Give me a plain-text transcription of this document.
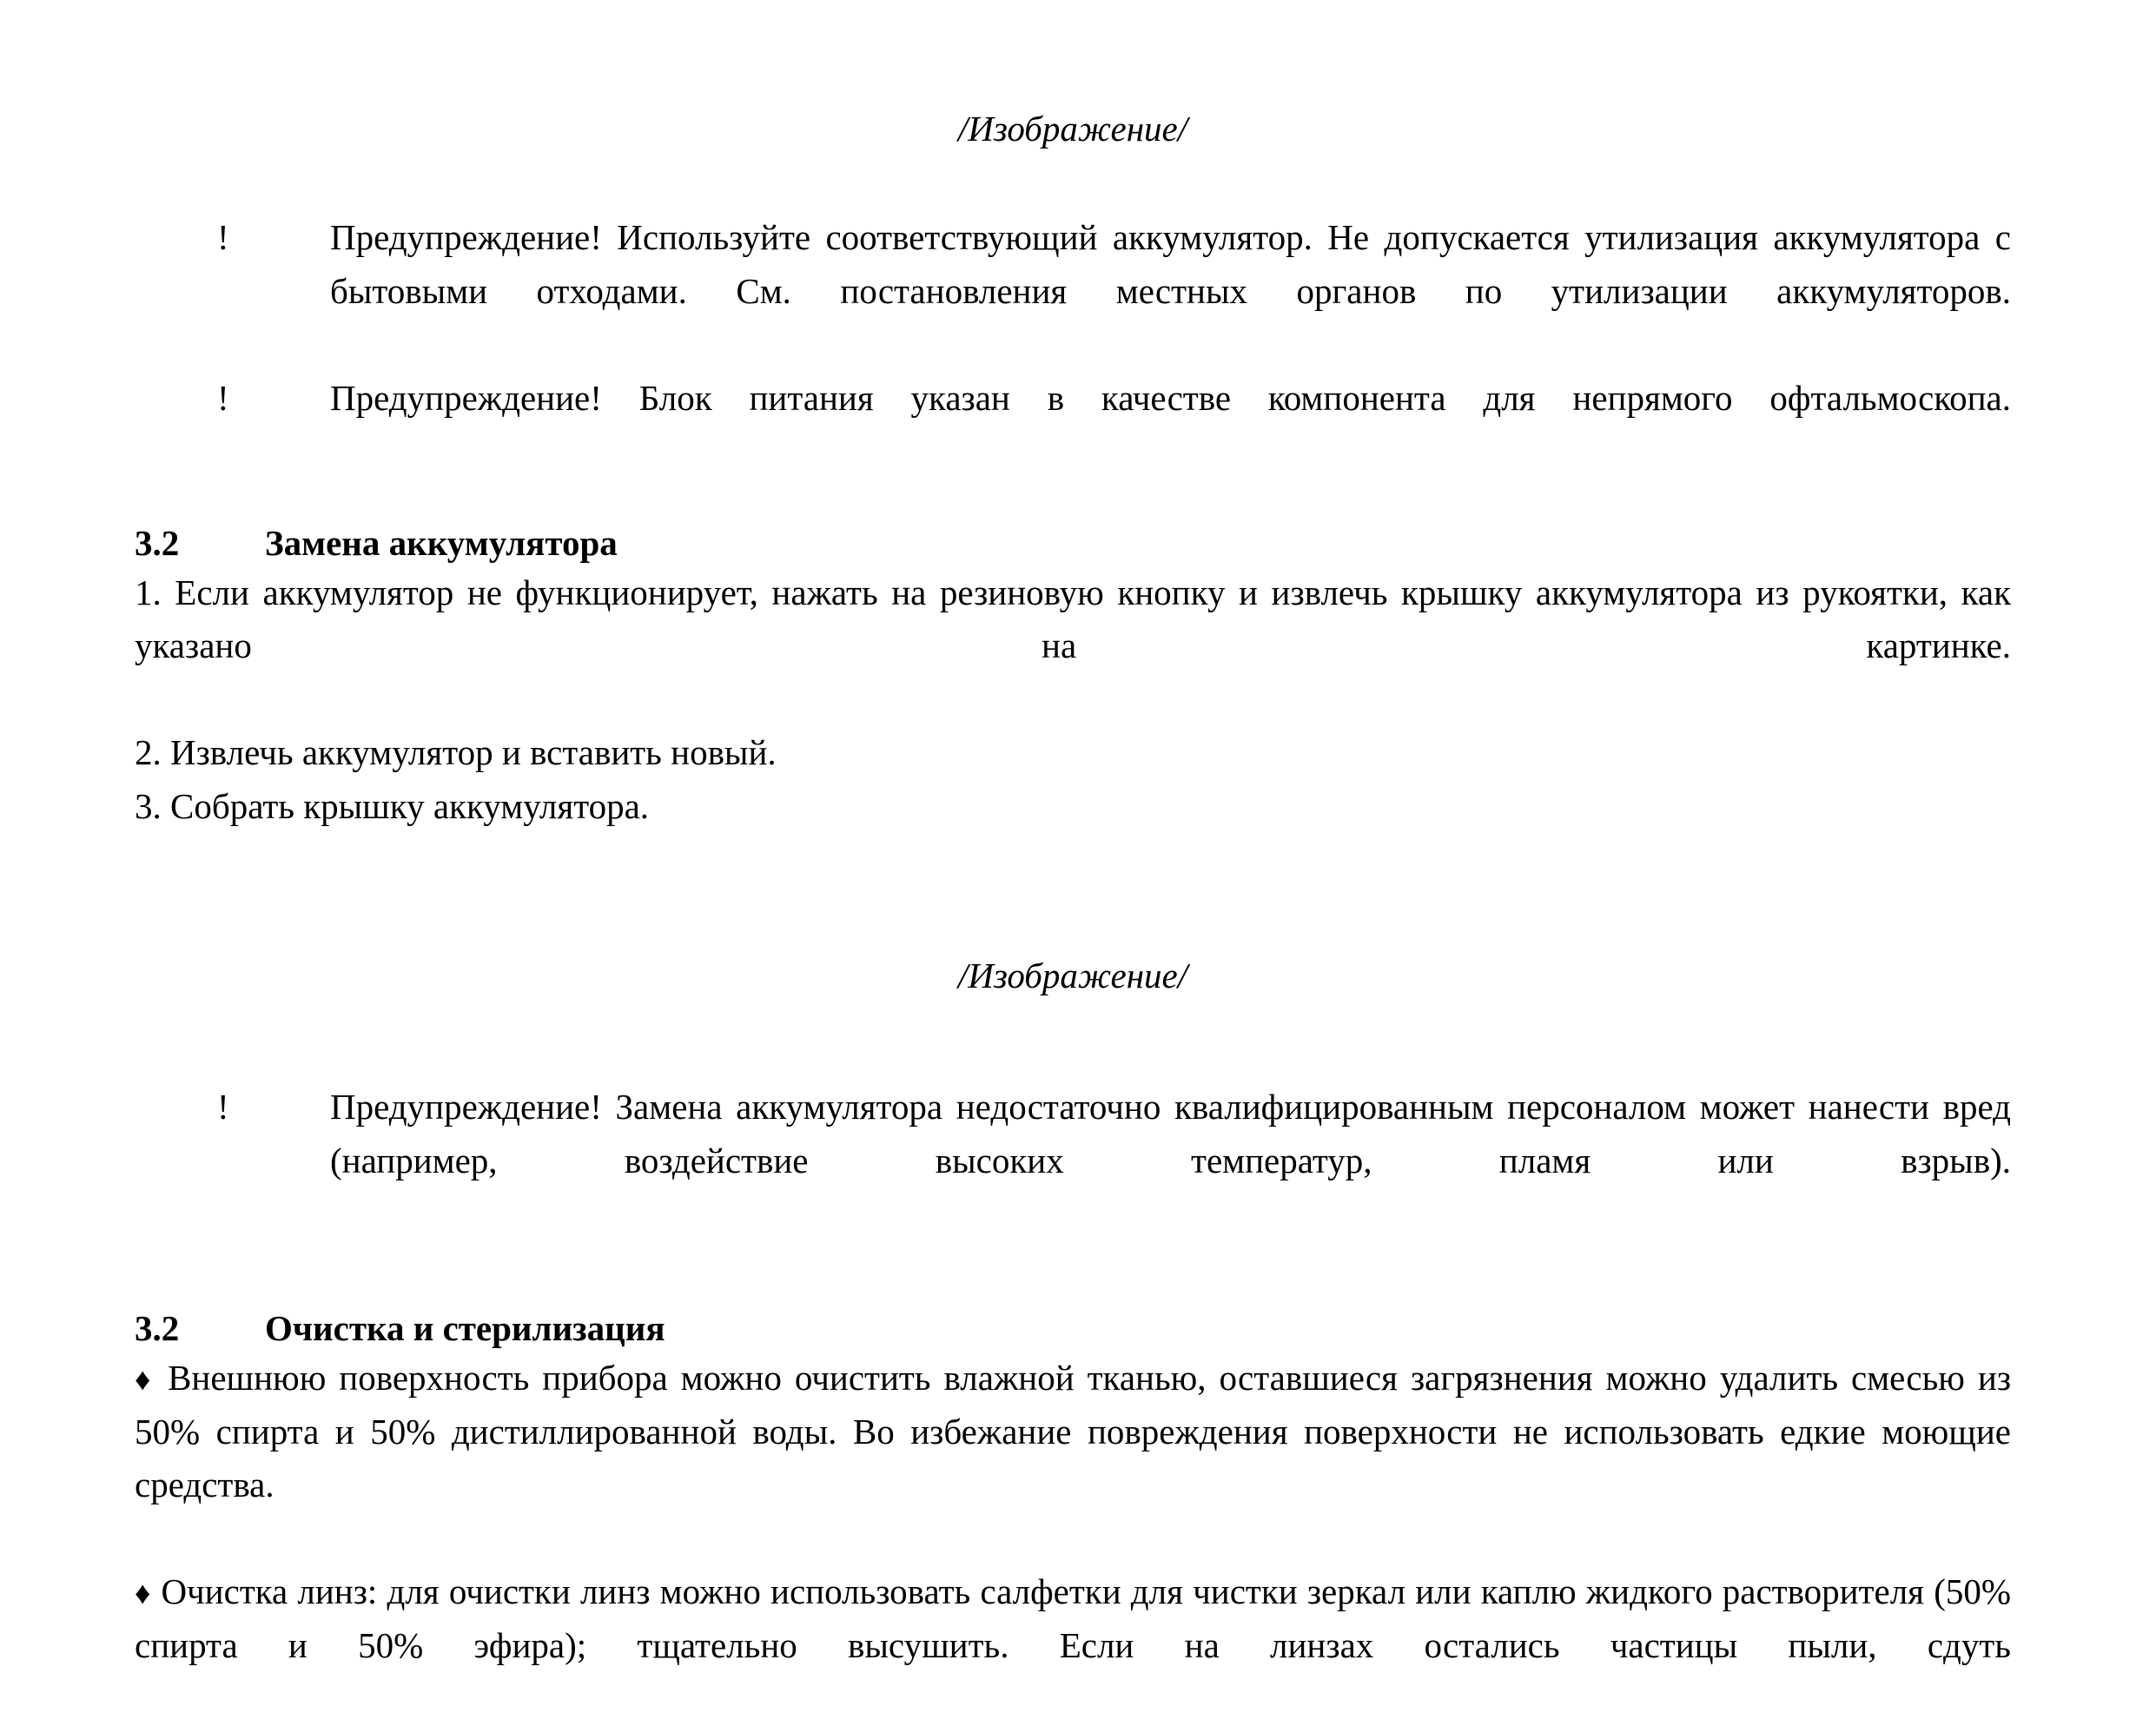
/Изображение/
!	Предупреждение! Используйте соответствующий аккумулятор. Не допускается утилизация аккумулятора с бытовыми отходами. См. постановления местных органов по утилизации аккумуляторов.
!	Предупреждение! Блок питания указан в качестве компонента для непрямого офтальмоскопа.
3.2 Замена аккумулятора
1. Если аккумулятор не функционирует, нажать на резиновую кнопку и извлечь крышку аккумулятора из рукоятки, как указано на картинке.
2. Извлечь аккумулятор и вставить новый.
3. Собрать крышку аккумулятора.
/Изображение/
!	Предупреждение! Замена аккумулятора недостаточно квалифицированным персоналом может нанести вред (например, воздействие высоких температур, пламя или взрыв).
3.2 Очистка и стерилизация
♦ Внешнюю поверхность прибора можно очистить влажной тканью, оставшиеся загрязнения можно удалить смесью из 50% спирта и 50% дистиллированной воды. Во избежание повреждения поверхности не использовать едкие моющие средства.
♦ Очистка линз: для очистки линз можно использовать салфетки для чистки зеркал или каплю жидкого растворителя (50% спирта и 50% эфира); тщательно высушить. Если на линзах остались частицы пыли, сдуть
